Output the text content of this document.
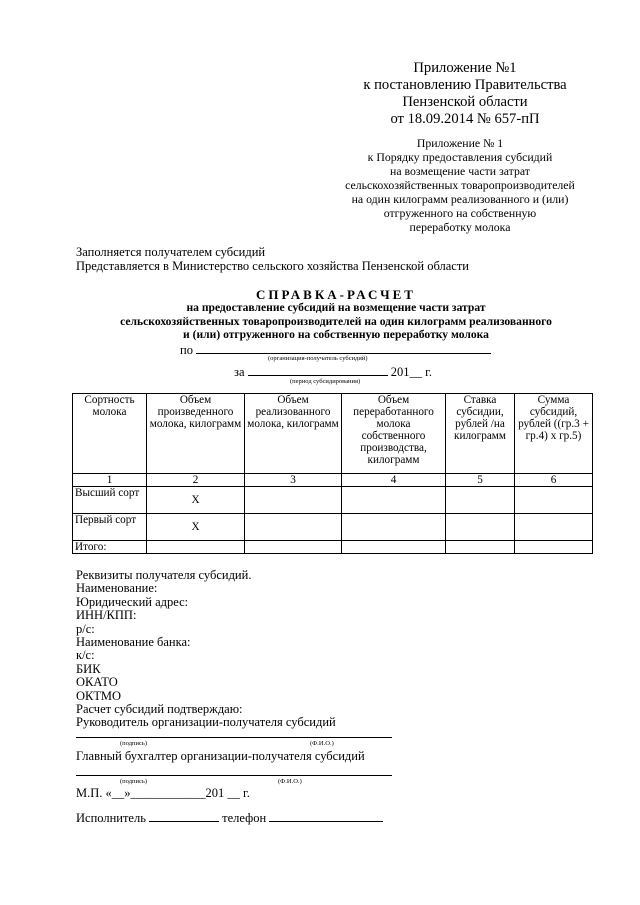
Приложение №1
к постановлению Правительства
Пензенской области
от 18.09.2014 № 657-пП
Приложение № 1
к Порядку предоставления субсидий
на возмещение части затрат
сельскохозяйственных товаропроизводителей
на один килограмм реализованного и (или)
отгруженного на собственную
переработку молока
Заполняется получателем субсидий
Представляется в Министерство сельского хозяйства Пензенской области
СПРАВКА-РАСЧЕТ
на предоставление субсидий на возмещение части затрат
сельскохозяйственных товаропроизводителей на один килограмм реализованного
и (или) отгруженного на собственную переработку молока
по
(организация-получатель субсидий)
за	201__ г.
(период субсидирования)
Сортность молока	Объем произведенного молока, килограмм	Объем реализованного молока, килограмм	Объем переработанного молока собственного производства, килограмм	Ставка субсидии, рублей /на килограмм	Сумма субсидий, рублей ((гр.3 + гр.4) х гр.5)
1	2	3	4	5	6
Высший сорт	Х				
Первый сорт	Х				
Итого:					
Реквизиты получателя субсидий.
Наименование:
Юридический адрес:
ИНН/КПП:
р/с:
Наименование банка:
к/с:
БИК
ОКАТО
ОКТМО
Расчет субсидий подтверждаю:
Руководитель организации-получателя субсидий
(подпись)	(Ф.И.О.)
Главный бухгалтер организации-получателя субсидий
(подпись)	(Ф.И.О.)
М.П. «__»____________201 __ г.
Исполнитель	телефон
